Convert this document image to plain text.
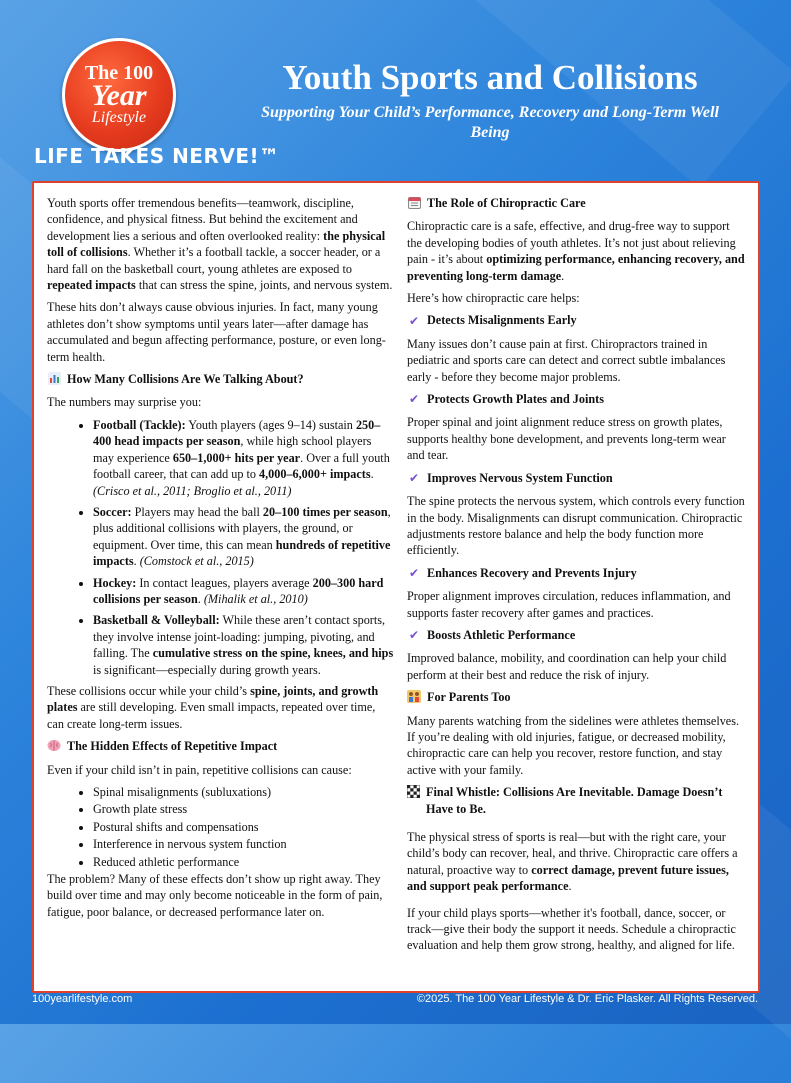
The 100
Year
Lifestyle
LIFE TAKES NERVE!™
Youth Sports and Collisions
Supporting Your Child’s Performance, Recovery and Long-Term Well Being

Youth sports offer tremendous benefits—teamwork, discipline, confidence, and physical fitness. But behind the excitement and development lies a serious and often overlooked reality: the physical toll of collisions. Whether it’s a football tackle, a soccer header, or a hard fall on the basketball court, young athletes are exposed to repeated impacts that can stress the spine, joints, and nervous system.

These hits don’t always cause obvious injuries. In fact, many young athletes don’t show symptoms until years later—after damage has accumulated and begun affecting performance, posture, or even long-term health.

How Many Collisions Are We Talking About?

The numbers may surprise you:

• Football (Tackle): Youth players (ages 9–14) sustain 250–400 head impacts per season, while high school players may experience 650–1,000+ hits per year. Over a full youth football career, that can add up to 4,000–6,000+ impacts. (Crisco et al., 2011; Broglio et al., 2011)
• Soccer: Players may head the ball 20–100 times per season, plus additional collisions with players, the ground, or equipment. Over time, this can mean hundreds of repetitive impacts. (Comstock et al., 2015)
• Hockey: In contact leagues, players average 200–300 hard collisions per season. (Mihalik et al., 2010)
• Basketball & Volleyball: While these aren’t contact sports, they involve intense joint-loading: jumping, pivoting, and falling. The cumulative stress on the spine, knees, and hips is significant—especially during growth years.

These collisions occur while your child’s spine, joints, and growth plates are still developing. Even small impacts, repeated over time, can create long-term issues.

The Hidden Effects of Repetitive Impact

Even if your child isn’t in pain, repetitive collisions can cause:

• Spinal misalignments (subluxations)
• Growth plate stress
• Postural shifts and compensations
• Interference in nervous system function
• Reduced athletic performance

The problem? Many of these effects don’t show up right away. They build over time and may only become noticeable in the form of pain, fatigue, poor balance, or decreased performance later on.

The Role of Chiropractic Care

Chiropractic care is a safe, effective, and drug-free way to support the developing bodies of youth athletes. It’s not just about relieving pain - it’s about optimizing performance, enhancing recovery, and preventing long-term damage.

Here’s how chiropractic care helps:

✔ Detects Misalignments Early

Many issues don’t cause pain at first. Chiropractors trained in pediatric and sports care can detect and correct subtle imbalances early - before they become major problems.

✔ Protects Growth Plates and Joints

Proper spinal and joint alignment reduce stress on growth plates, supports healthy bone development, and prevents long-term wear and tear.

✔ Improves Nervous System Function

The spine protects the nervous system, which controls every function in the body. Misalignments can disrupt communication. Chiropractic adjustments restore balance and help the body function more efficiently.

✔ Enhances Recovery and Prevents Injury

Proper alignment improves circulation, reduces inflammation, and supports faster recovery after games and practices.

✔ Boosts Athletic Performance

Improved balance, mobility, and coordination can help your child perform at their best and reduce the risk of injury.

For Parents Too

Many parents watching from the sidelines were athletes themselves. If you’re dealing with old injuries, fatigue, or decreased mobility, chiropractic care can help you recover, restore function, and stay active with your family.

Final Whistle: Collisions Are Inevitable. Damage Doesn’t Have to Be.

The physical stress of sports is real—but with the right care, your child’s body can recover, heal, and thrive. Chiropractic care offers a natural, proactive way to correct damage, prevent future issues, and support peak performance.

If your child plays sports—whether it's football, dance, soccer, or track—give their body the support it needs. Schedule a chiropractic evaluation and help them grow strong, healthy, and aligned for life.

100yearlifestyle.com	©2025. The 100 Year Lifestyle & Dr. Eric Plasker. All Rights Reserved.
